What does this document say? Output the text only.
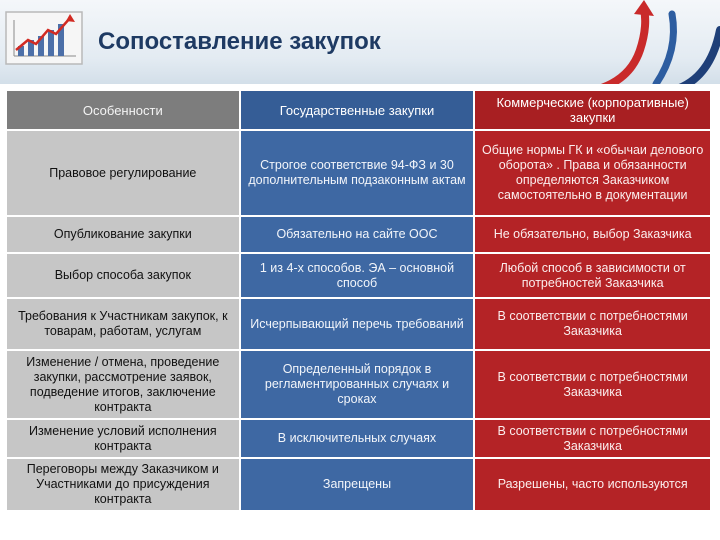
Сопоставление закупок
Особенности	Государственные закупки	Коммерческие (корпоративные) закупки
Правовое регулирование	Строгое соответствие 94-ФЗ и 30 дополнительным подзаконным актам	Общие нормы ГК и «обычаи делового оборота» . Права и обязанности определяются Заказчиком самостоятельно в документации
Опубликование закупки	Обязательно на сайте ООС	Не обязательно, выбор Заказчика
Выбор способа закупок	1 из 4-х способов. ЭА – основной способ	Любой способ в зависимости от потребностей Заказчика
Требования к Участникам закупок, к товарам, работам, услугам	Исчерпывающий перечь требований	В соответствии с потребностями Заказчика
Изменение / отмена, проведение закупки, рассмотрение заявок, подведение итогов, заключение контракта	Определенный порядок в регламентированных случаях и сроках	В соответствии с потребностями Заказчика
Изменение условий исполнения контракта	В исключительных случаях	В соответствии с потребностями Заказчика
Переговоры между Заказчиком и Участниками до присуждения контракта	Запрещены	Разрешены, часто используются
